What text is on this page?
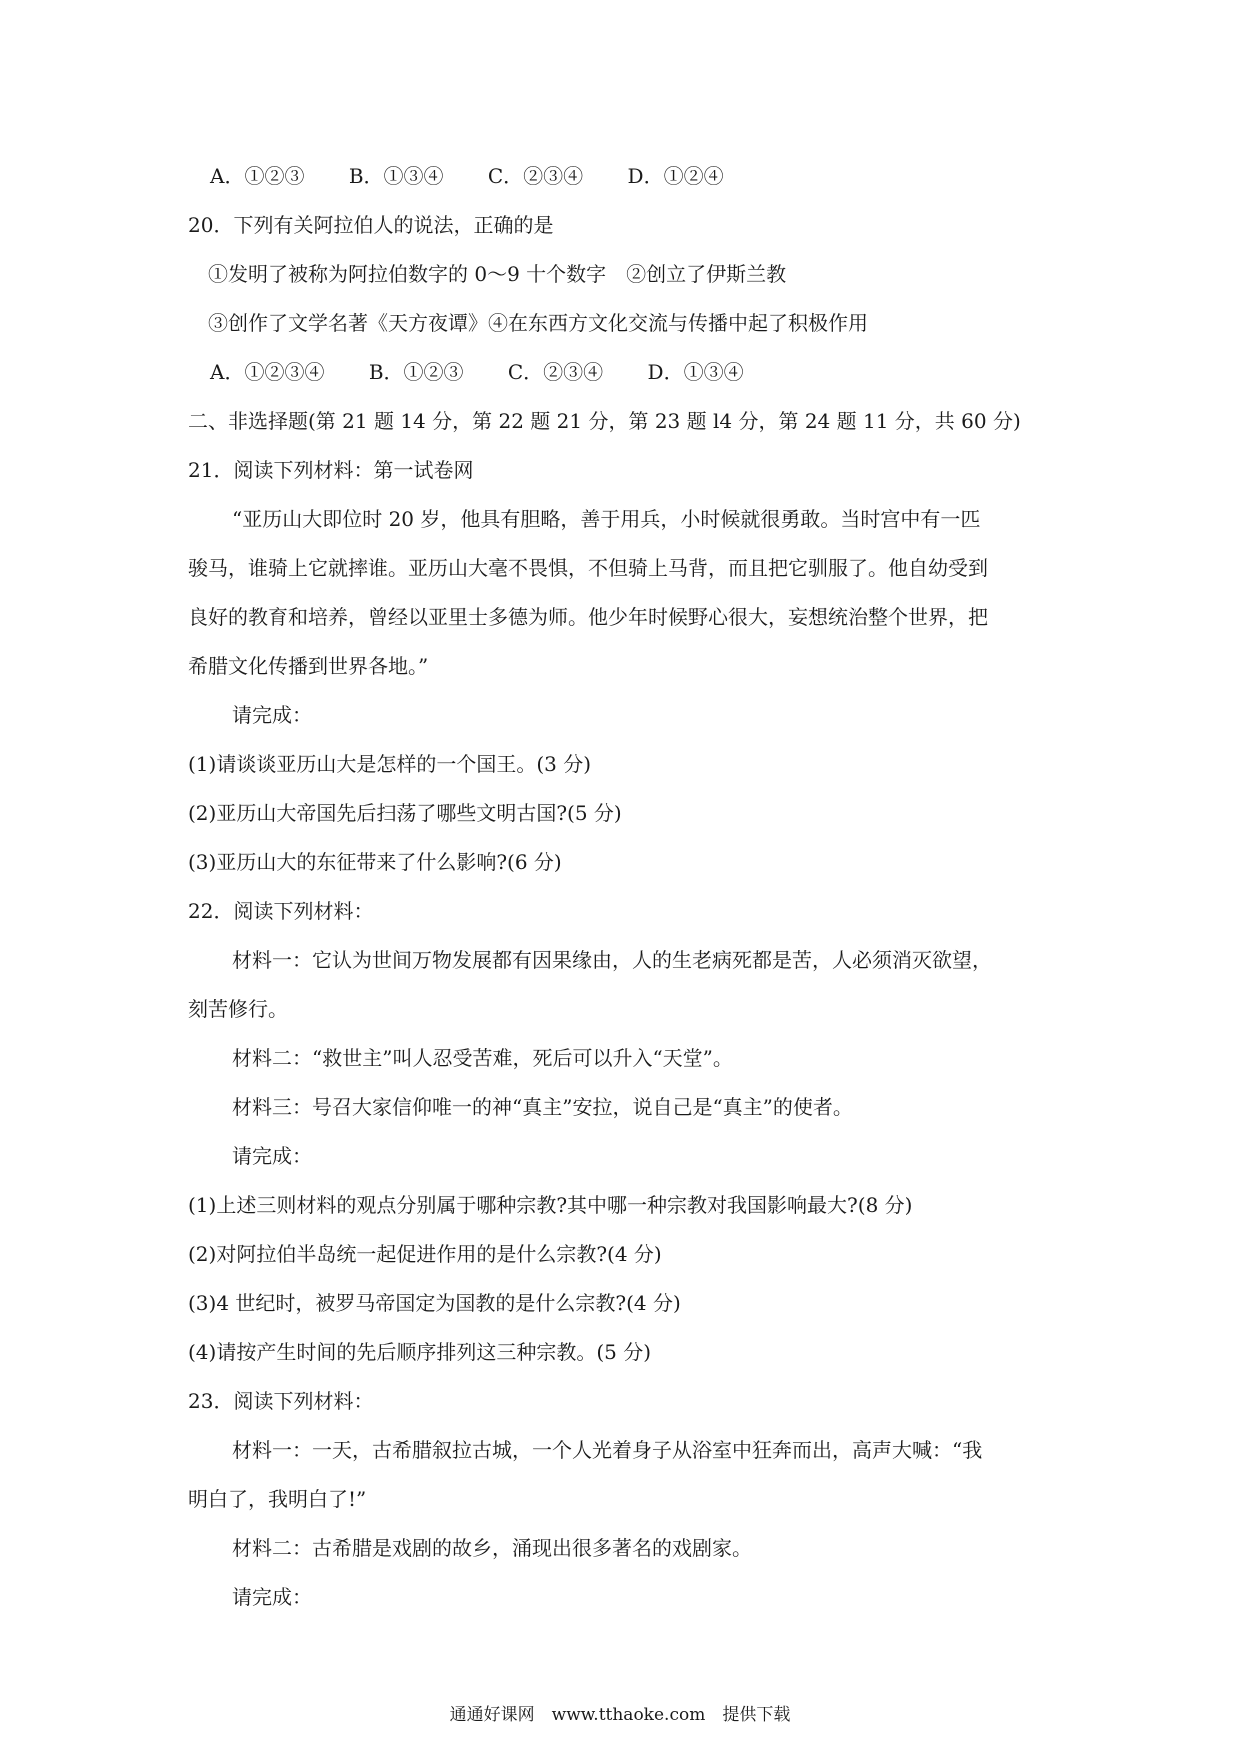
A．①②③ B．①③④ C．②③④ D．①②④
20．下列有关阿拉伯人的说法，正确的是
①发明了被称为阿拉伯数字的 0～9 十个数字　②创立了伊斯兰教
③创作了文学名著《天方夜谭》④在东西方文化交流与传播中起了积极作用
A．①②③④ B．①②③ C．②③④ D．①③④
二、非选择题(第 21 题 14 分，第 22 题 21 分，第 23 题 l4 分，第 24 题 11 分，共 60 分)
21．阅读下列材料：第一试卷网
“亚历山大即位时 20 岁，他具有胆略，善于用兵，小时候就很勇敢。当时宫中有一匹
骏马，谁骑上它就摔谁。亚历山大毫不畏惧，不但骑上马背，而且把它驯服了。他自幼受到
良好的教育和培养，曾经以亚里士多德为师。他少年时候野心很大，妄想统治整个世界，把
希腊文化传播到世界各地。”
请完成：
(1)请谈谈亚历山大是怎样的一个国王。(3 分)
(2)亚历山大帝国先后扫荡了哪些文明古国?(5 分)
(3)亚历山大的东征带来了什么影响?(6 分)
22．阅读下列材料：
材料一：它认为世间万物发展都有因果缘由，人的生老病死都是苦，人必须消灭欲望，
刻苦修行。
材料二：“救世主”叫人忍受苦难，死后可以升入“天堂”。
材料三：号召大家信仰唯一的神“真主”安拉，说自己是“真主”的使者。
请完成：
(1)上述三则材料的观点分别属于哪种宗教?其中哪一种宗教对我国影响最大?(8 分)
(2)对阿拉伯半岛统一起促进作用的是什么宗教?(4 分)
(3)4 世纪时，被罗马帝国定为国教的是什么宗教?(4 分)
(4)请按产生时间的先后顺序排列这三种宗教。(5 分)
23．阅读下列材料：
材料一：一天，古希腊叙拉古城，一个人光着身子从浴室中狂奔而出，高声大喊：“我
明白了，我明白了!”
材料二：古希腊是戏剧的故乡，涌现出很多著名的戏剧家。
请完成：
通通好课网　www.tthaoke.com　提供下载
